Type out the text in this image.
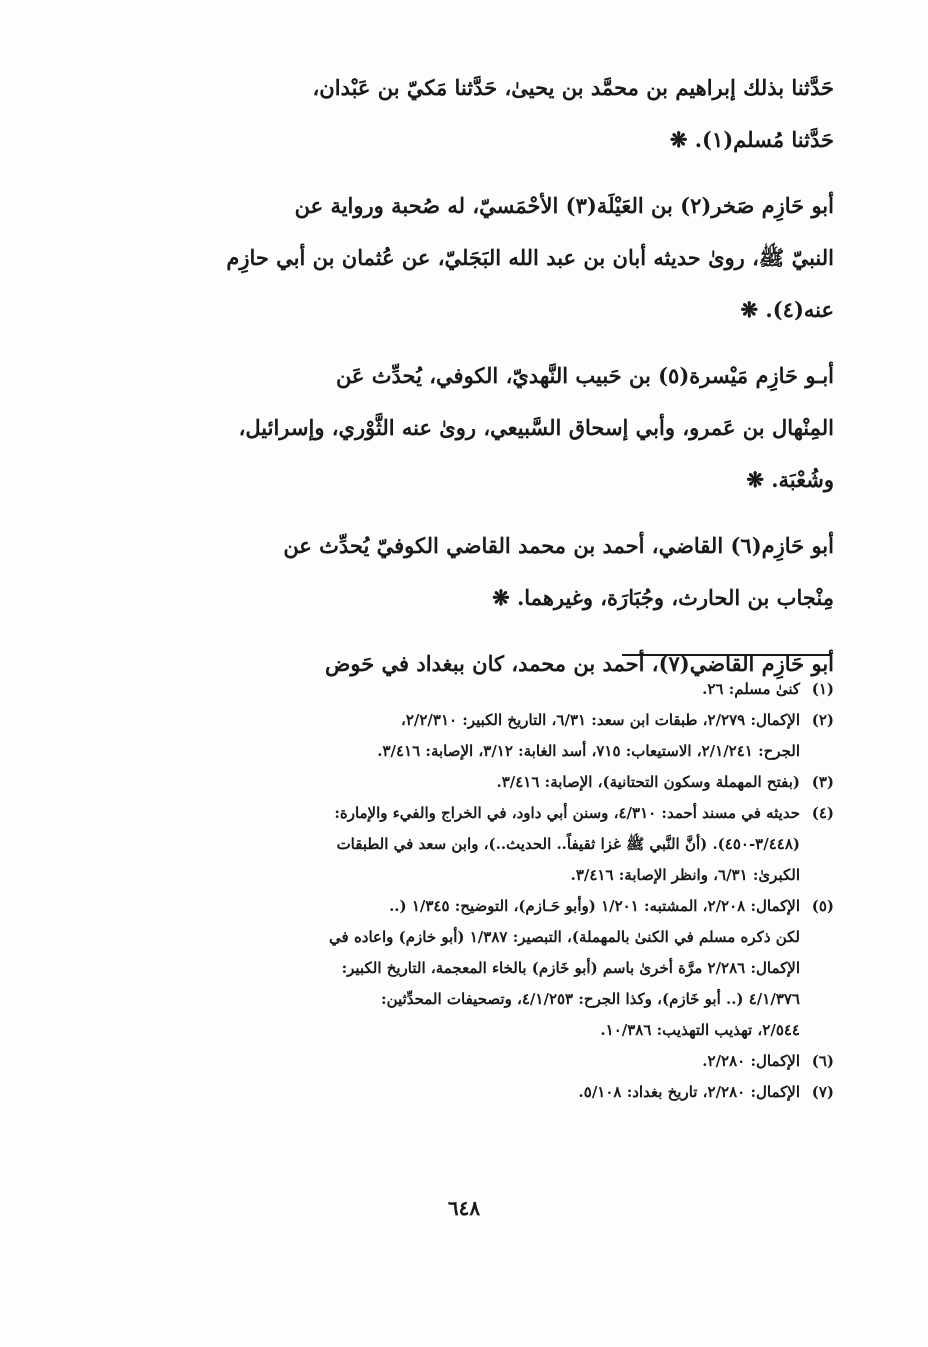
حَدَّثنا بذلك إبراهيم بن محمَّد بن يحيىٰ، حَدَّثنا مَكيّ بن عَبْدان،
حَدَّثنا مُسلم(١). ❋

أبو حَازِم صَخر(٢) بن العَيْلَة(٣) الأحْمَسيّ، له صُحبة ورواية عن
النبيّ ﷺ، روىٰ حديثه أبان بن عبد الله البَجَليّ، عن عُثمان بن أبي حازِم
عنه(٤). ❋

أبـو حَازِم مَيْسرة(٥) بن حَبيب النَّهديّ، الكوفي، يُحدِّث عَن
المِنْهال بن عَمرو، وأبي إسحاق السَّبيعي، روىٰ عنه الثَّوْري، وإسرائيل،
وشُعْبَة. ❋

أبو حَازِم(٦) القاضي، أحمد بن محمد القاضي الكوفيّ يُحدِّث عن
مِنْجاب بن الحارث، وجُبَارَة، وغيرهما. ❋

أبو حَازِم القاضي(٧)، أحمد بن محمد، كان ببغداد في حَوض

(١)كنىٰ مسلم: ٢٦.
(٢)الإكمال: ٢/٢٧٩، طبقات ابن سعد: ٦/٣١، التاريخ الكبير: ٢/٢/٣١٠،
الجرح: ٢/١/٢٤١، الاستيعاب: ٧١٥، أسد الغابة: ٣/١٢، الإصابة: ٣/٤١٦.
(٣)(بفتح المهملة وسكون التحتانية)، الإصابة: ٣/٤١٦.
(٤)حديثه في مسند أحمد: ٤/٣١٠، وسنن أبي داود، في الخراج والفيء والإمارة:
(٣/٤٤٨-٤٥٠). (أنَّ النَّبي ﷺ غزا ثقيفاً.. الحديث..)، وابن سعد في الطبقات
الكبرىٰ: ٦/٣١، وانظر الإصابة: ٣/٤١٦.
(٥)الإكمال: ٢/٢٠٨، المشتبه: ١/٢٠١ (وأبو حَـازم)، التوضيح: ١/٣٤٥ (..
لكن ذكره مسلم في الكنىٰ بالمهملة)، التبصير: ١/٣٨٧ (أبو خازم) واعاده في
الإكمال: ٢/٢٨٦ مرَّة أخرىٰ باسم (أبو خَازم) بالخاء المعجمة، التاريخ الكبير:
٤/١/٣٧٦ (.. أبو خَازم)، وكذا الجرح: ٤/١/٢٥٣، وتصحيفات المحدِّثين:
٢/٥٤٤، تهذيب التهذيب: ١٠/٣٨٦.
(٦)الإكمال: ٢/٢٨٠.
(٧)الإكمال: ٢/٢٨٠، تاريخ بغداد: ٥/١٠٨.
٦٤٨
